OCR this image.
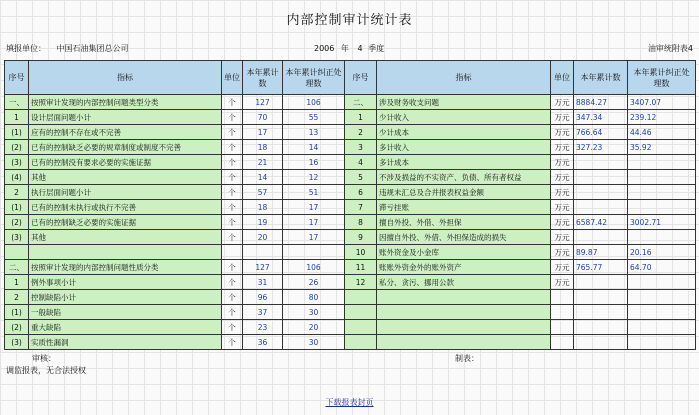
内部控制审计统计表
填报单位： 中国石油集团总公司	2006 年 4 季度	油审统附表4
序号	指标	单位	本年累计数	本年累计纠正处理数	序号	指标	单位	本年累计数	本年累计纠正处理数
一、	按照审计发现的内部控制问题类型分类	个	127	106	二、	涉及财务收支问题	万元	8884.27	3407.07
1	设计层面问题小计	个	70	55	1	少计收入	万元	347.34	239.12
(1)	应有的控制不存在或不完善	个	17	13	2	少计成本	万元	766.64	44.46
(2)	已有的控制缺乏必要的规章制度或制度不完善	个	18	14	3	多计收入	万元	327.23	35.92
(3)	已有的控制没有要求必要的实施证据	个	21	16	4	多计成本	万元		
(4)	其他	个	14	12	5	不涉及损益的不实资产、负债、所有者权益	万元		
2	执行层面问题小计	个	57	51	6	违规未汇总及合并报表权益金额	万元		
(1)	已有的控制未执行或执行不完善	个	18	17	7	滞亏挂账	万元		
(2)	已有的控制缺乏必要的实施证据	个	19	17	8	擅自外投、外借、外担保	万元	6587.42	3002.71
(3)	其他	个	20	17	9	因擅自外投、外借、外担保造成的损失	万元		
					10	账外资金及小金库	万元	89.87	20.16
二、	按照审计发现的内部控制问题性质分类	个	127	106	11	账账外资金外的账外资产	万元	765.77	64.70
1	例外事项小计	个	31	26	12	私分、贪污、挪用公款	万元		
2	控制缺陷小计	个	96	80					
(1)	一般缺陷	个	37	30					
(2)	重大缺陷	个	23	20					
(3)	实质性漏洞	个	36	30					
审核：	制表：
调监报表，无合法授权
下载报表封页
